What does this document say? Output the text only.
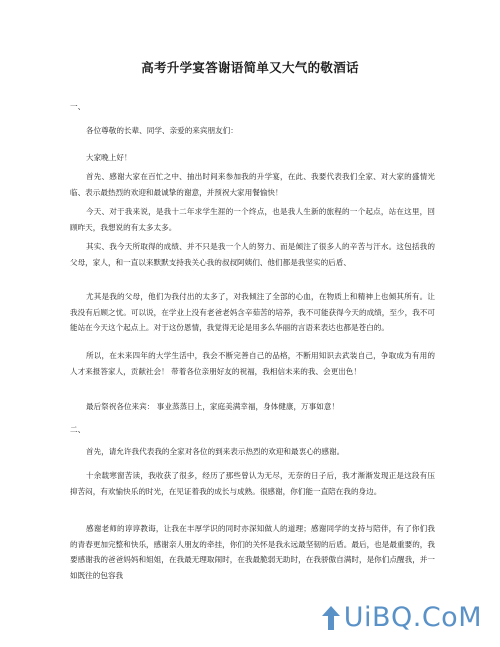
高考升学宴答谢语简单又大气的敬酒话

一、

各位尊敬的长辈、同学、亲爱的来宾朋友们：

大家晚上好！

首先、感谢大家在百忙之中、抽出时间来参加我的升学宴，在此、我要代表我们全家、对大家的盛情光临、表示最热烈的欢迎和最诚挚的谢意，并预祝大家用餐愉快！

今天、对于我来说，是我十二年求学生涯的一个终点，也是我人生新的旅程的一个起点，站在这里，回顾昨天，我想说的有太多太多。

其实、我今天所取得的成绩、并不只是我一个人的努力、而是倾注了很多人的辛苦与汗水。这包括我的父母，家人，和一直以来默默支持我关心我的叔叔阿姨们、他们都是我坚实的后盾、

尤其是我的父母，他们为我付出的太多了，对我倾注了全部的心血，在物质上和精神上也倾其所有。让我没有后顾之忧。可以说，在学业上没有老爸老妈含辛茹苦的培养，我不可能获得今天的成绩，至少，我不可能站在今天这个起点上。对于这份恩情，我觉得无论是用多么华丽的言语来表达也都是苍白的。

所以，在未来四年的大学生活中，我会不断完善自己的品格，不断用知识去武装自己，争取成为有用的人才来报答家人，贡献社会！ 带着各位亲朋好友的祝福，我相信未来的我、会更出色！

最后祭祝各位来宾： 事业蒸蒸日上，家庭美满幸福，身体健康，万事如意！

二、

首先，请允许我代表我的全家对各位的到来表示热烈的欢迎和最衷心的感谢。

十余载寒窗苦读，我收获了很多，经历了那些曾认为无尽，无奈的日子后，我才渐渐发现正是这段有压抑苦闷，有欢愉快乐的时光，在见证着我的成长与成熟。很感谢，你们能一直陪在我的身边。

感谢老师的谆谆教诲，让我在丰厚学识的同时亦深知做人的道理；感谢同学的支持与陪伴，有了你们我的青春更加完整和快乐，感谢亲人朋友的牵挂，你们的关怀是我永远最坚韧的后盾。最后，也是最重要的，我要感谢我的爸爸妈妈和姐姐，在我最无理取闹时，在我最脆弱无助时，在我骄傲自满时，是你们点醒我，并一如既往的包容我

UiBQ.CoM
